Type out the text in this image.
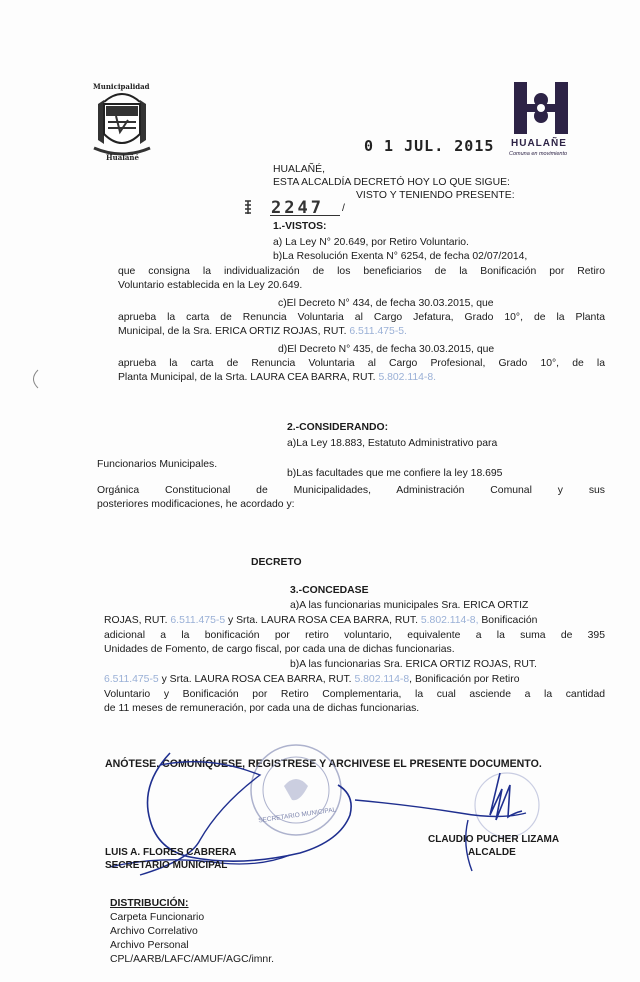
Municipalidad
Hualañé
HUALAÑE
Comuna en movimiento
0 1 JUL. 2015
HUALAÑÉ,
ESTA ALCALDÍA DECRETÓ HOY LO QUE SIGUE:
2247 /
VISTO Y TENIENDO PRESENTE:
1.-VISTOS:
a) La Ley N° 20.649, por Retiro Voluntario.
b)La Resolución Exenta N° 6254, de fecha 02/07/2014,
que consigna la individualización de los beneficiarios de la Bonificación por Retiro
Voluntario establecida en la Ley 20.649.
c)El Decreto N° 434, de fecha 30.03.2015, que
aprueba la carta de Renuncia Voluntaria al Cargo Jefatura, Grado 10°, de la Planta
Municipal, de la Sra. ERICA ORTIZ ROJAS, RUT. 6.511.475-5.
d)El Decreto N° 435, de fecha 30.03.2015, que
aprueba la carta de Renuncia Voluntaria al Cargo Profesional, Grado 10°, de la
Planta Municipal, de la Srta. LAURA CEA BARRA, RUT. 5.802.114-8.
2.-CONSIDERANDO:
a)La Ley 18.883, Estatuto Administrativo para
Funcionarios Municipales.
b)Las facultades que me confiere la ley 18.695
Orgánica Constitucional de Municipalidades, Administración Comunal y sus
posteriores modificaciones, he acordado y:
DECRETO
3.-CONCEDASE
a)A las funcionarias municipales Sra. ERICA ORTIZ
ROJAS, RUT. 6.511.475-5 y Srta. LAURA ROSA CEA BARRA, RUT. 5.802.114-8, Bonificación
adicional a la bonificación por retiro voluntario, equivalente a la suma de 395
Unidades de Fomento, de cargo fiscal, por cada una de dichas funcionarias.
b)A las funcionarias Sra. ERICA ORTIZ ROJAS, RUT.
6.511.475-5 y Srta. LAURA ROSA CEA BARRA, RUT. 5.802.114-8, Bonificación por Retiro
Voluntario y Bonificación por Retiro Complementaria, la cual asciende a la cantidad
de 11 meses de remuneración, por cada una de dichas funcionarias.
ANÓTESE, COMUNÍQUESE, REGISTRESE Y ARCHIVESE EL PRESENTE DOCUMENTO.
SECRETARIO MUNICIPAL
LUIS A. FLORES CABRERA
SECRETARIO MUNICIPAL
CLAUDIO PUCHER LIZAMA
ALCALDE
DISTRIBUCIÓN:
Carpeta Funcionario
Archivo Correlativo
Archivo Personal
CPL/AARB/LAFC/AMUF/AGC/imnr.
